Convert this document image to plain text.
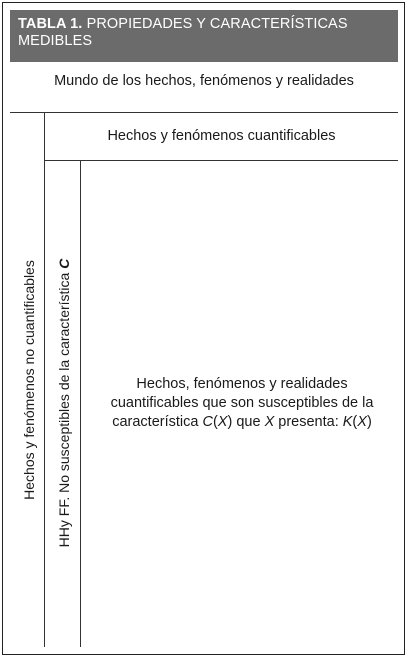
TABLA 1. PROPIEDADES Y CARACTERÍSTICAS MEDIBLES
Mundo de los hechos, fenómenos y realidades
Hechos y fenómenos cuantificables
Hechos y fenómenos no cuantificables HHy FF. No susceptibles de la característica C
Hechos, fenómenos y realidades
cuantificables que son susceptibles de la
característica C(X) que X presenta: K(X)
